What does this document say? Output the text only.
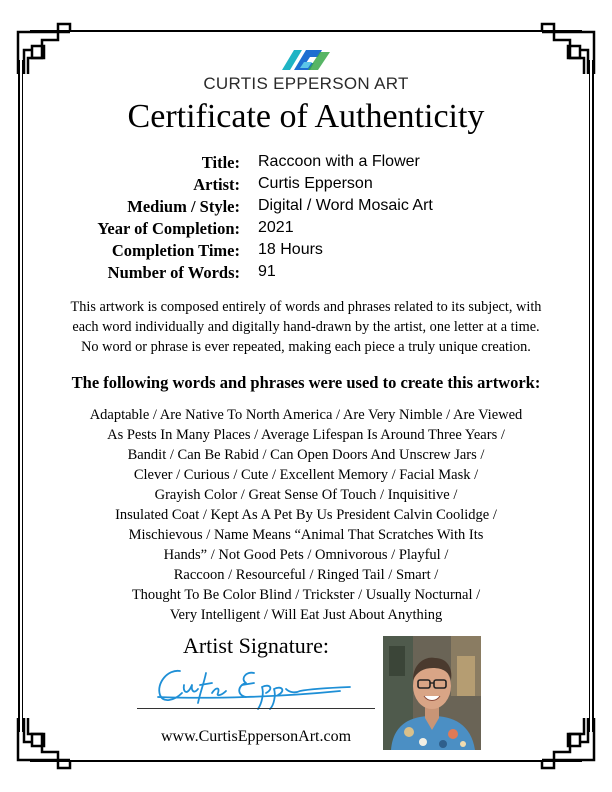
CURTIS EPPERSON ART
Certificate of Authenticity
Title: Raccoon with a Flower
Artist: Curtis Epperson
Medium / Style: Digital / Word Mosaic Art
Year of Completion: 2021
Completion Time: 18 Hours
Number of Words: 91
This artwork is composed entirely of words and phrases related to its subject, with
each word individually and digitally hand-drawn by the artist, one letter at a time.
No word or phrase is ever repeated, making each piece a truly unique creation.
The following words and phrases were used to create this artwork:
Adaptable / Are Native To North America / Are Very Nimble / Are Viewed
As Pests In Many Places / Average Lifespan Is Around Three Years /
Bandit / Can Be Rabid / Can Open Doors And Unscrew Jars /
Clever / Curious / Cute / Excellent Memory / Facial Mask /
Grayish Color / Great Sense Of Touch / Inquisitive /
Insulated Coat / Kept As A Pet By Us President Calvin Coolidge /
Mischievous / Name Means “Animal That Scratches With Its
Hands” / Not Good Pets / Omnivorous / Playful /
Raccoon / Resourceful / Ringed Tail / Smart /
Thought To Be Color Blind / Trickster / Usually Nocturnal /
Very Intelligent / Will Eat Just About Anything
Artist Signature:
www.CurtisEppersonArt.com
